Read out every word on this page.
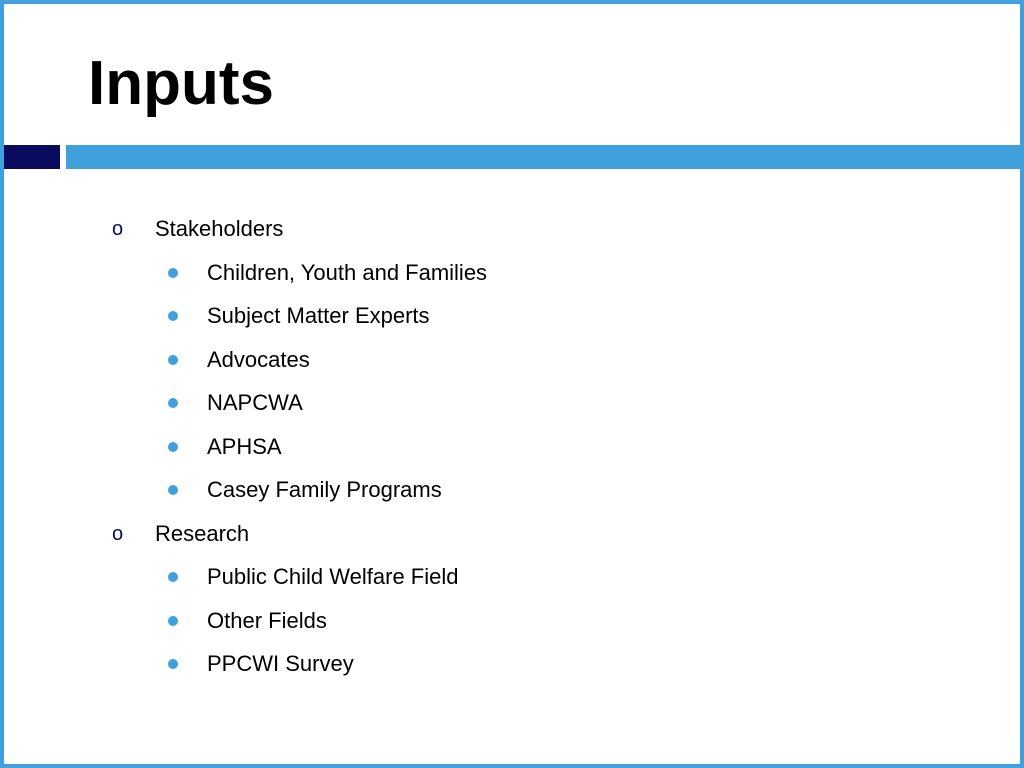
Inputs
o Stakeholders
Children, Youth and Families
Subject Matter Experts
Advocates
NAPCWA
APHSA
Casey Family Programs
o Research
Public Child Welfare Field
Other Fields
PPCWI Survey
